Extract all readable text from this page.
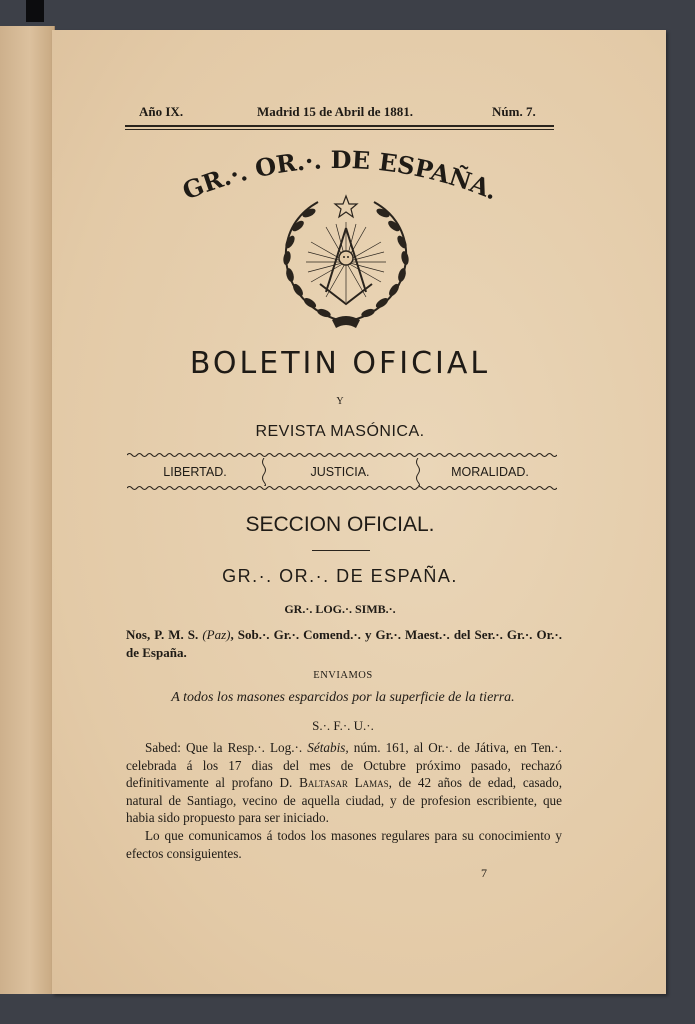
Año IX.	Madrid 15 de Abril de 1881.	Núm. 7.
GR.·. OR.·. DE ESPAÑA.
BOLETIN OFICIAL
Y
REVISTA MASÓNICA.
LIBERTAD.	JUSTICIA.	MORALIDAD.
SECCION OFICIAL.
GR.·. OR.·. DE ESPAÑA.
GR.·. LOG.·. SIMB.·.
Nos, P. M. S. (Paz), Sob.·. Gr.·. Comend.·. y Gr.·. Maest.·. del Ser.·. Gr.·. Or.·. de España.
ENVIAMOS
A todos los masones esparcidos por la superficie de la tierra.
S.·. F.·. U.·.

Sabed: Que la Resp.·. Log.·. Sétabis, núm. 161, al Or.·. de Játiva, en Ten.·. celebrada á los 17 dias del mes de Octubre próximo pasado, rechazó definitivamente al profano D. Baltasar Lamas, de 42 años de edad, casado, natural de Santiago, vecino de aquella ciudad, y de profesion escribiente, que habia sido propuesto para ser iniciado.

Lo que comunicamos á todos los masones regulares para su conocimiento y efectos consiguientes.

7
